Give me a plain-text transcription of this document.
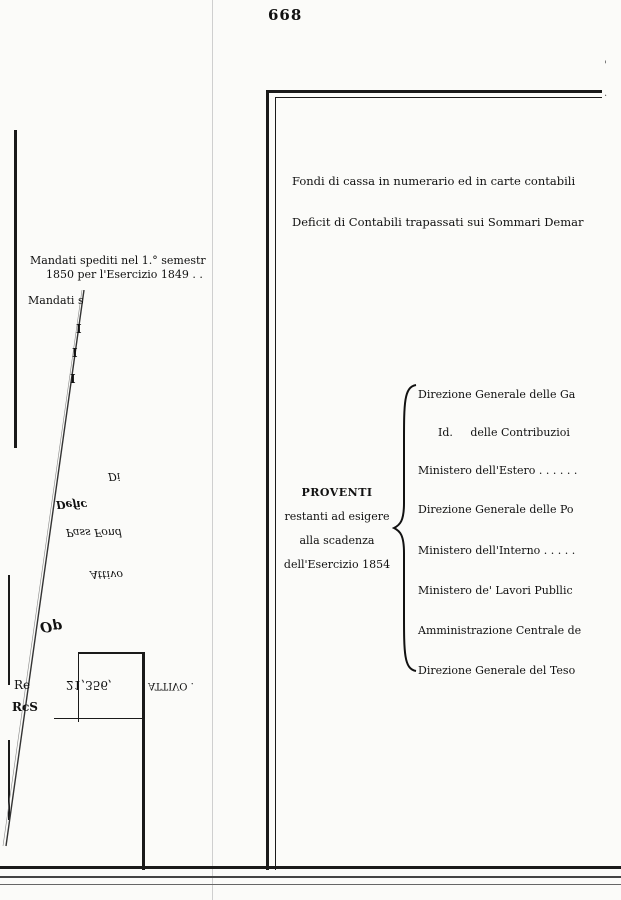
668
Mandati spediti nel 1.° semestr
1850 per l'Esercizio 1849 . .
Mandati s
I
I
I
Di
Defic
Pass Fond
Attivo
Op
ATTIVO .
21,356,
Re
RcS
Fondi di cassa in numerario ed in carte contabili
Deficit di Contabili trapassati sui Sommari Demar
PROVENTI
restanti ad esigere
alla scadenza
dell'Esercizio 1854
Direzione Generale delle Ga
Id.     delle Contribuzioi
Ministero dell'Estero . . . . . .
Direzione Generale delle Po
Ministero dell'Interno . . . . .
Ministero de' Lavori Publlic
Amministrazione Centrale de
Direzione Generale del Teso
'
.
